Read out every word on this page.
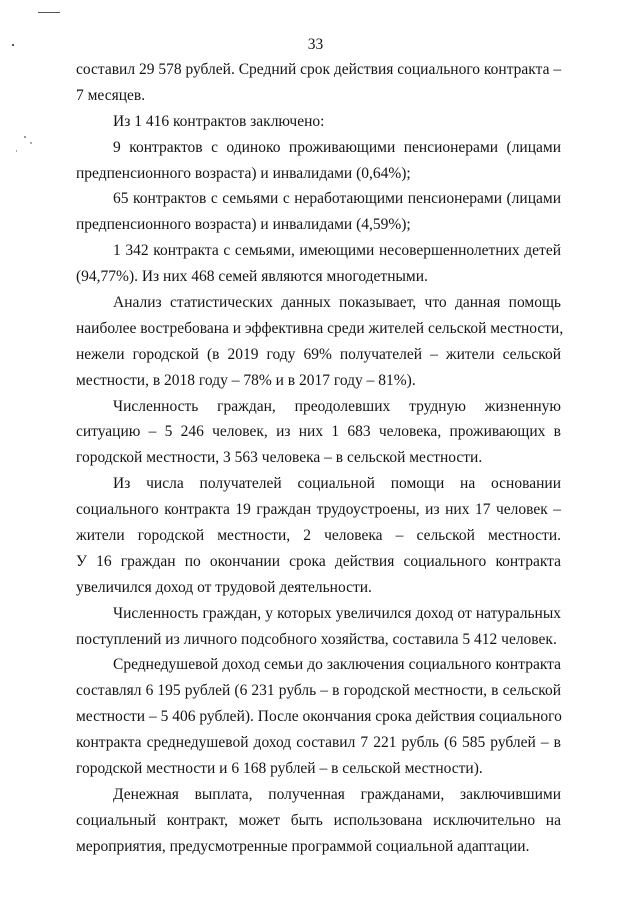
33
составил 29 578 рублей. Средний срок действия социального контракта –
7 месяцев.
Из 1 416 контрактов заключено:
9 контрактов с одиноко проживающими пенсионерами (лицами
предпенсионного возраста) и инвалидами (0,64%);
65 контрактов с семьями с неработающими пенсионерами (лицами
предпенсионного возраста) и инвалидами (4,59%);
1 342 контракта с семьями, имеющими несовершеннолетних детей
(94,77%). Из них 468 семей являются многодетными.
Анализ статистических данных показывает, что данная помощь
наиболее востребована и эффективна среди жителей сельской местности,
нежели городской (в 2019 году 69% получателей – жители сельской
местности, в 2018 году – 78% и в 2017 году – 81%).
Численность граждан, преодолевших трудную жизненную
ситуацию – 5 246 человек, из них 1 683 человека, проживающих в
городской местности, 3 563 человека – в сельской местности.
Из числа получателей социальной помощи на основании
социального контракта 19 граждан трудоустроены, из них 17 человек –
жители городской местности, 2 человека – сельской местности.
У 16 граждан по окончании срока действия социального контракта
увеличился доход от трудовой деятельности.
Численность граждан, у которых увеличился доход от натуральных
поступлений из личного подсобного хозяйства, составила 5 412 человек.
Среднедушевой доход семьи до заключения социального контракта
составлял 6 195 рублей (6 231 рубль – в городской местности, в сельской
местности – 5 406 рублей). После окончания срока действия социального
контракта среднедушевой доход составил 7 221 рубль (6 585 рублей – в
городской местности и 6 168 рублей – в сельской местности).
Денежная выплата, полученная гражданами, заключившими
социальный контракт, может быть использована исключительно на
мероприятия, предусмотренные программой социальной адаптации.
